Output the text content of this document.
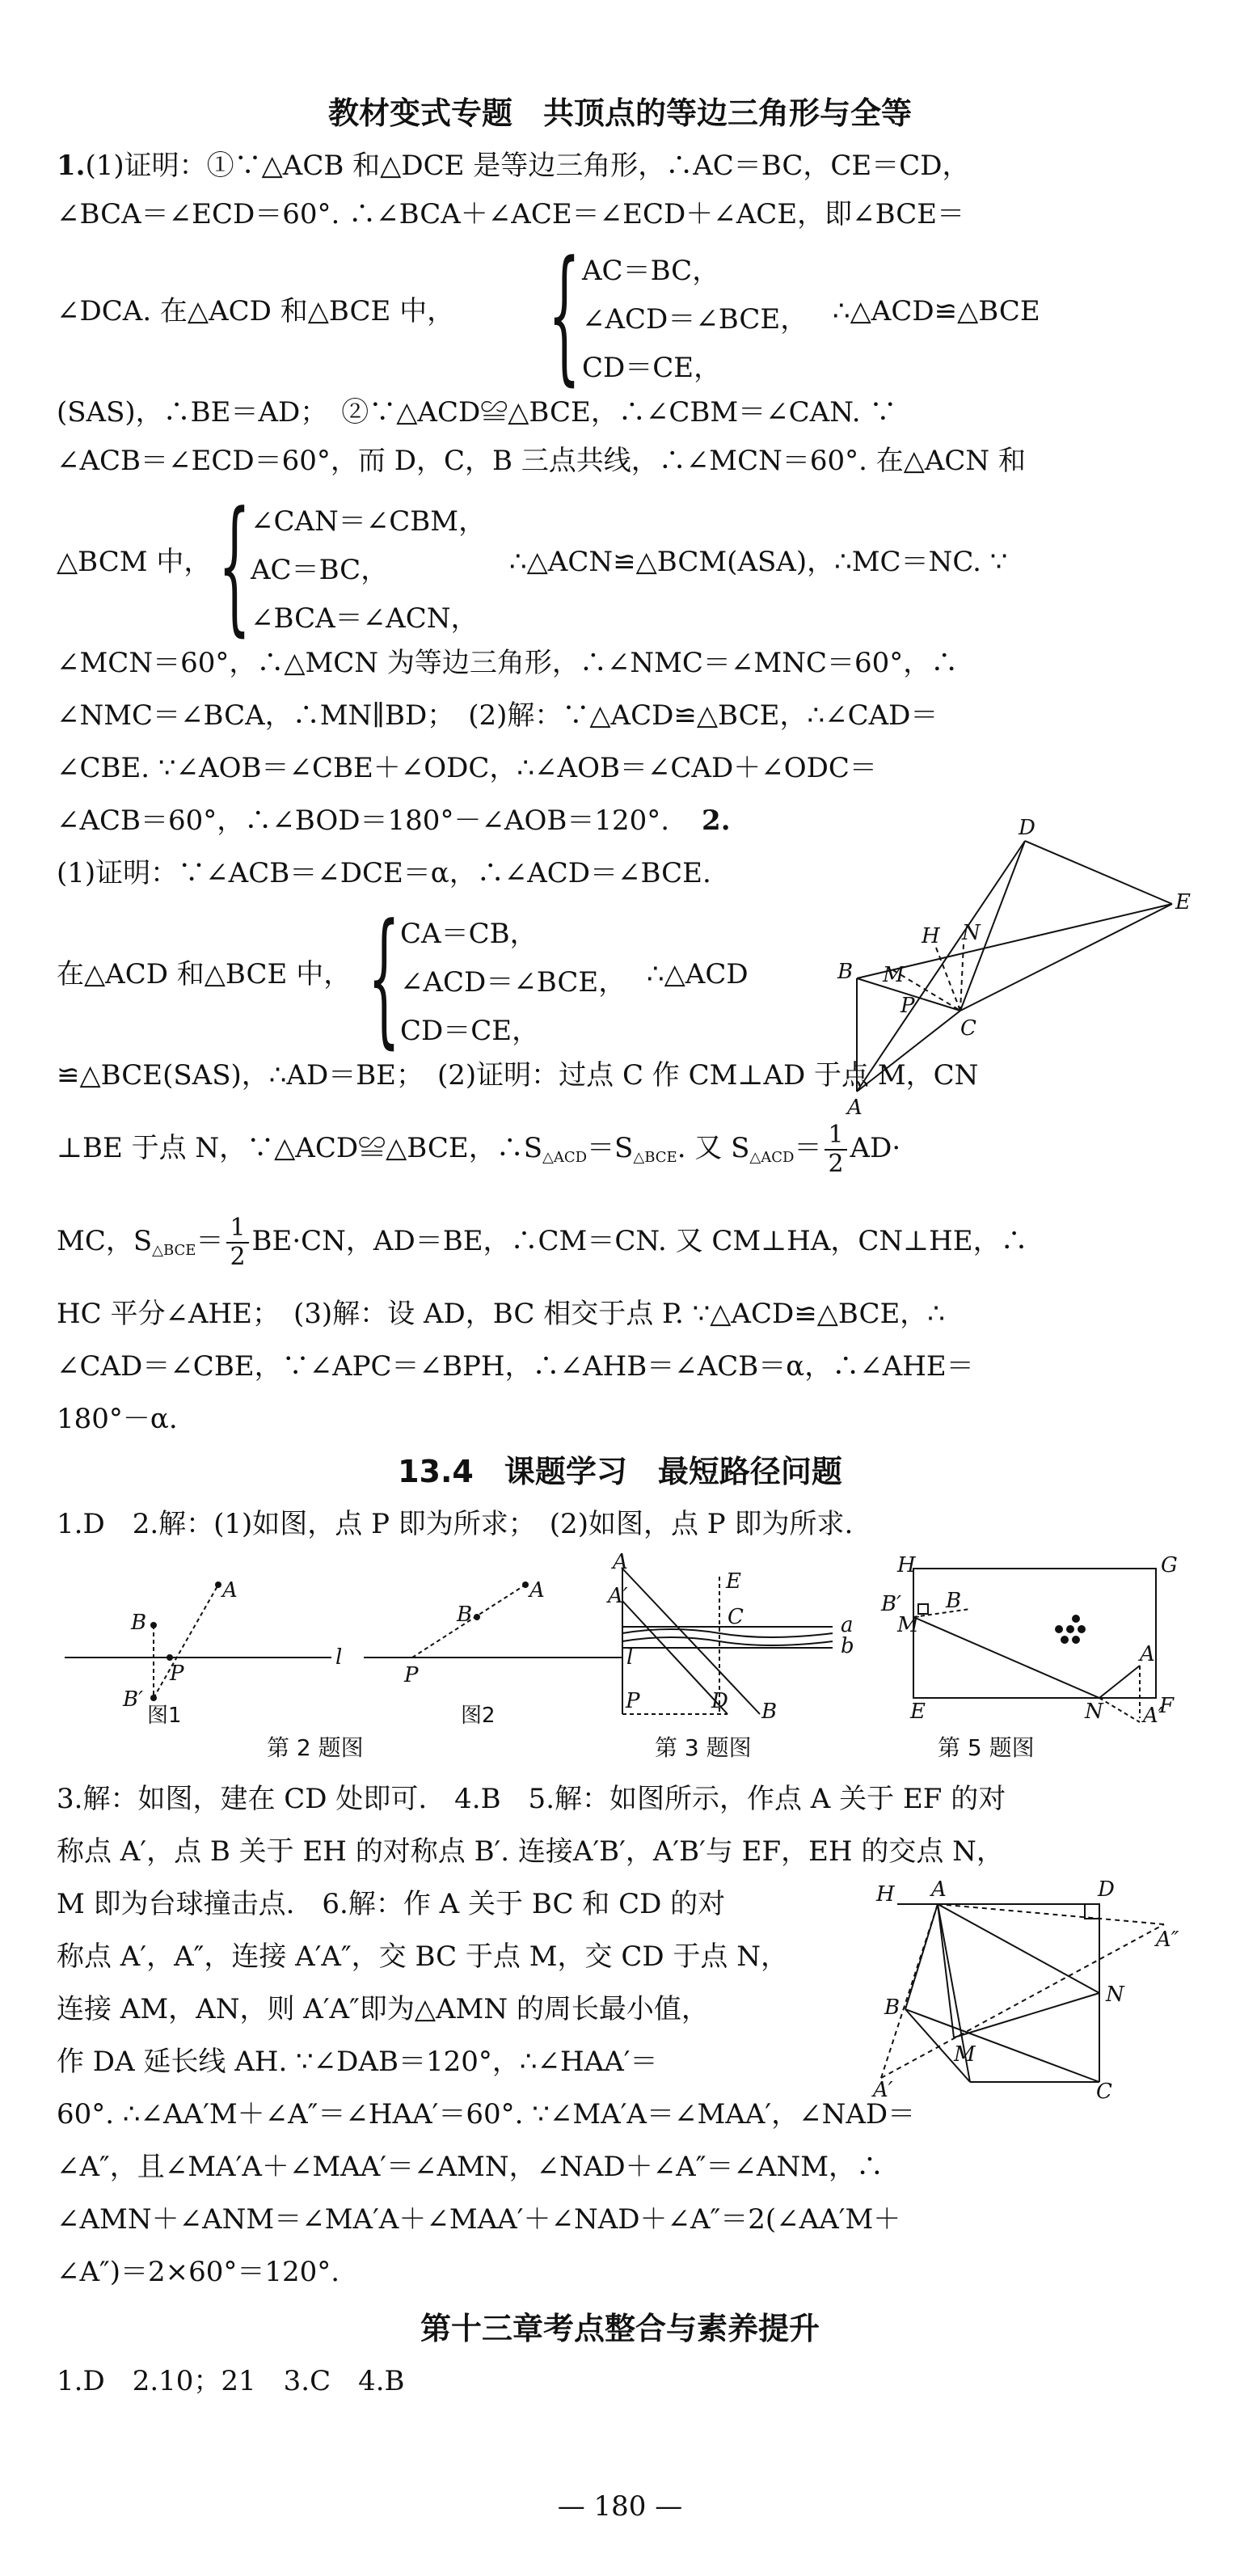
教材变式专题　共顶点的等边三角形与全等
1.(1)证明：①∵△ACB 和△DCE 是等边三角形，∴AC＝BC，CE＝CD，
∠BCA＝∠ECD＝60°. ∴∠BCA＋∠ACE＝∠ECD＋∠ACE，即∠BCE＝
∠DCA. 在△ACD 和△BCE 中， { AC＝BC，
∠ACD＝∠BCE，
CD＝CE，
∴△ACD≌△BCE
(SAS)，∴BE＝AD；　②∵△ACD≌△BCE，∴∠CBM＝∠CAN. ∵
∠ACB＝∠ECD＝60°，而 D，C，B 三点共线，∴∠MCN＝60°. 在△ACN 和
△BCM 中， { ∠CAN＝∠CBM，
AC＝BC，
∠BCA＝∠ACN，
∴△ACN≌△BCM(ASA)，∴MC＝NC. ∵
∠MCN＝60°，∴△MCN 为等边三角形，∴∠NMC＝∠MNC＝60°，∴
∠NMC＝∠BCA，∴MN∥BD；　(2)解：∵△ACD≌△BCE，∴∠CAD＝
∠CBE. ∵∠AOB＝∠CBE＋∠ODC，∴∠AOB＝∠CAD＋∠ODC＝
∠ACB＝60°，∴∠BOD＝180°－∠AOB＝120°. 2.
(1)证明：∵∠ACB＝∠DCE＝α，∴∠ACD＝∠BCE.
在△ACD 和△BCE 中， { CA＝CB，
∠ACD＝∠BCE，
CD＝CE，
∴△ACD
D
E
H N
B M
P
C
A
≌△BCE(SAS)，∴AD＝BE；　(2)证明：过点 C 作 CM⊥AD 于点 M，CN
⊥BE 于点 N，∵△ACD≌△BCE，$\therefore S_{\triangle ACD}=S_{\triangle BCE}$. 又 $S_{\triangle ACD}= \frac{1}{2} AD\cdot$
MC，$S_{\triangle BCE}= \frac{1}{2} BE\cdot CN$，AD＝BE，∴CM＝CN. 又 CM⊥HA，CN⊥HE，∴
HC 平分∠AHE；　(3)解：设 AD，BC 相交于点 P. ∵△ACD≌△BCE，∴
∠CAD＝∠CBE，∵∠APC＝∠BPH，∴∠AHB＝∠ACB＝α，∴∠AHE＝
180°－α.
13.4　课题学习　最短路径问题
1.D　2.解：(1)如图，点 P 即为所求；　(2)如图，点 P 即为所求.
A
B
P
l
B′
图1
A
B
P
l
图2
A
A′
E
C	a
b
P	D B
H	G
B′ B
M
A
E	N	F
A′
第 2 题图	第 3 题图	第 5 题图
3.解：如图，建在 CD 处即可.　4.B　5.解：如图所示，作点 A 关于 EF 的对
称点 A′，点 B 关于 EH 的对称点 B′. 连接A′B′，A′B′与 EF，EH 的交点 N，
M 即为台球撞击点.　6.解：作 A 关于 BC 和 CD 的对
称点 A′，A″，连接 A′A″，交 BC 于点 M，交 CD 于点 N，
连接 AM，AN，则 A′A″即为△AMN 的周长最小值，
作 DA 延长线 AH. ∵∠DAB＝120°，∴∠HAA′＝
H A	D
A″
B
N
M
A′	C
60°. ∴∠AA′M＋∠A″＝∠HAA′＝60°. ∵∠MA′A＝∠MAA′，∠NAD＝
∠A″，且∠MA′A＋∠MAA′＝∠AMN，∠NAD＋∠A″＝∠ANM，∴
∠AMN＋∠ANM＝∠MA′A＋∠MAA′＋∠NAD＋∠A″＝2(∠AA′M＋
∠A″)＝2×60°＝120°.
第十三章考点整合与素养提升
1.D　2.10；21　3.C　4.B
— 180 —
